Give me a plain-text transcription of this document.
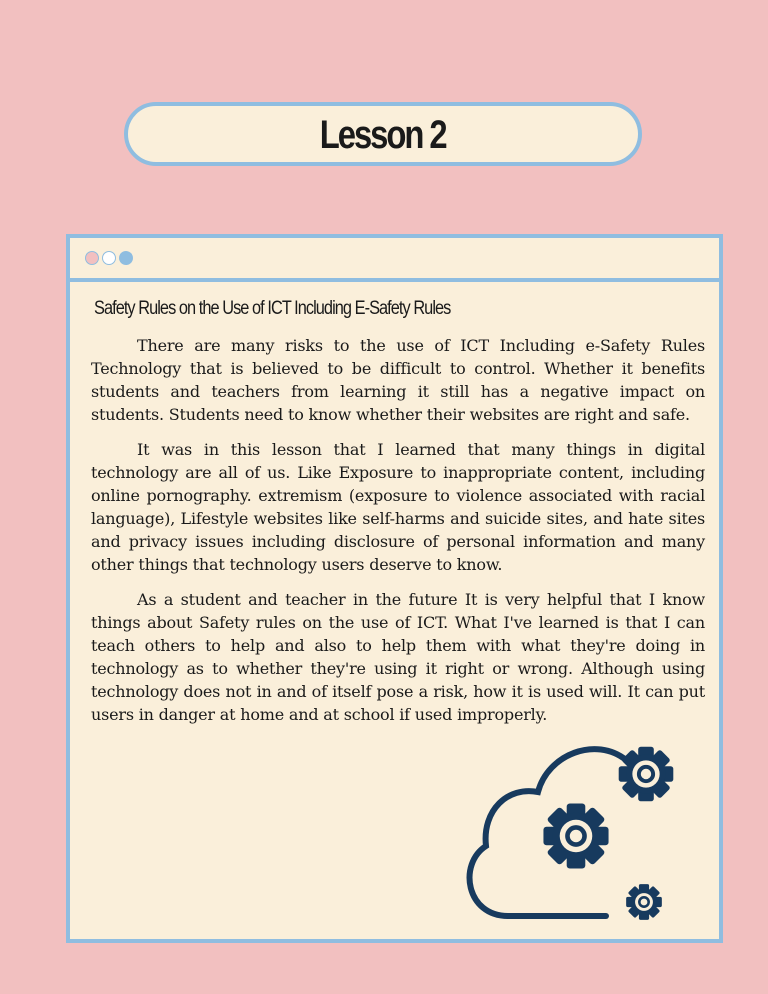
Lesson 2
Safety Rules on the Use of ICT Including E-Safety Rules

There are many risks to the use of ICT Including e-Safety Rules Technology that is believed to be difficult to control. Whether it benefits students and teachers from learning it still has a negative impact on students. Students need to know whether their websites are right and safe.

It was in this lesson that I learned that many things in digital technology are all of us. Like Exposure to inappropriate content, including online pornography. extremism (exposure to violence associated with racial language), Lifestyle websites like self-harms and suicide sites, and hate sites and privacy issues including disclosure of personal information and many other things that technology users deserve to know.

As a student and teacher in the future It is very helpful that I know things about Safety rules on the use of ICT. What I've learned is that I can teach others to help and also to help them with what they're doing in technology as to whether they're using it right or wrong. Although using technology does not in and of itself pose a risk, how it is used will. It can put users in danger at home and at school if used improperly.
